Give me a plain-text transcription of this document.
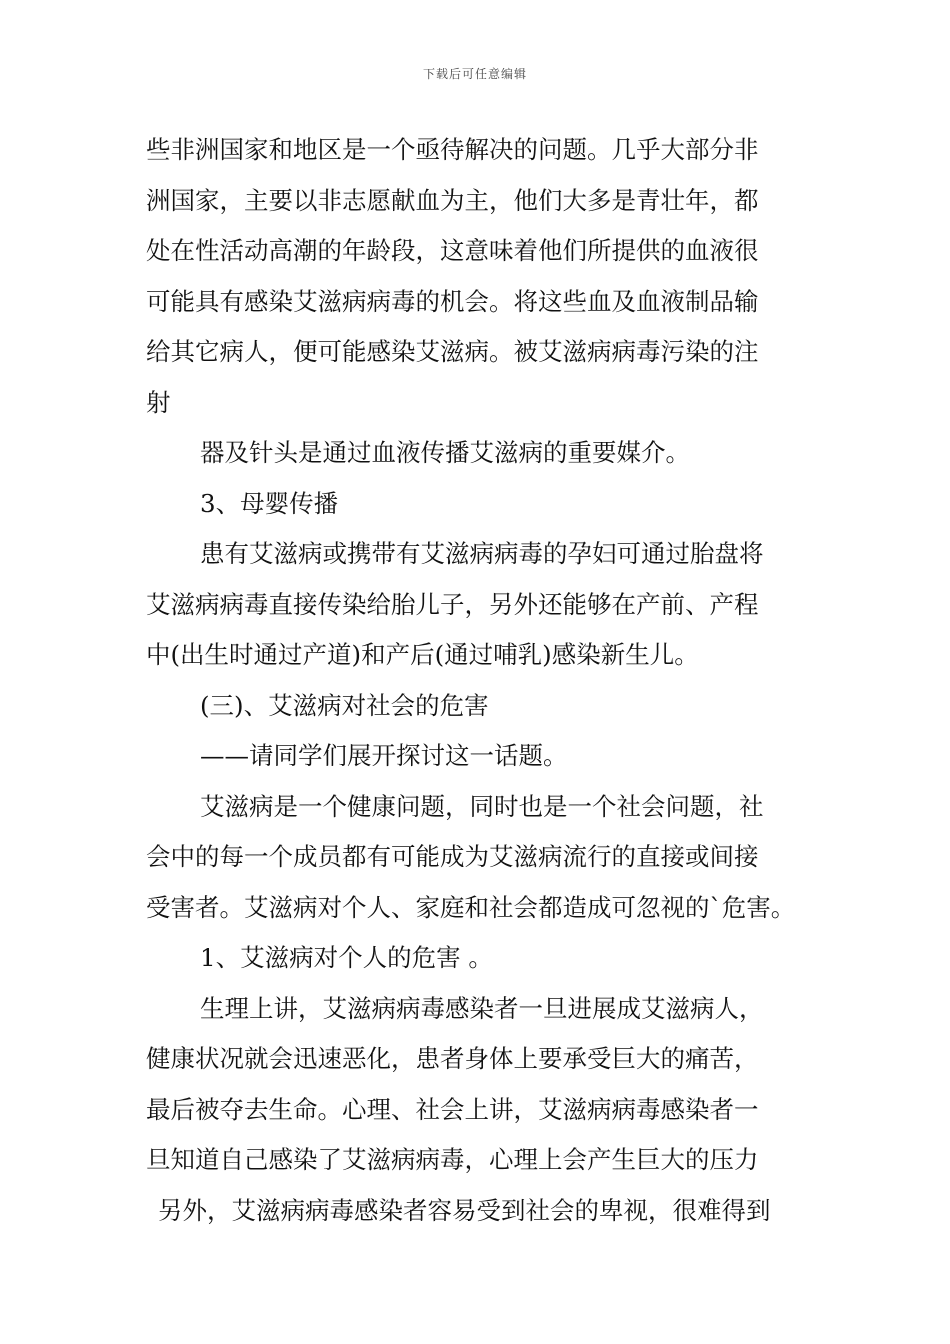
下载后可任意编辑
些非洲国家和地区是一个亟待解决的问题。几乎大部分非
洲国家，主要以非志愿献血为主，他们大多是青壮年，都
处在性活动高潮的年龄段，这意味着他们所提供的血液很
可能具有感染艾滋病病毒的机会。将这些血及血液制品输
给其它病人，便可能感染艾滋病。被艾滋病病毒污染的注
射
器及针头是通过血液传播艾滋病的重要媒介。
3、母婴传播
患有艾滋病或携带有艾滋病病毒的孕妇可通过胎盘将
艾滋病病毒直接传染给胎儿子，另外还能够在产前、产程
中(出生时通过产道)和产后(通过哺乳)感染新生儿。
(三)、艾滋病对社会的危害
——请同学们展开探讨这一话题。
艾滋病是一个健康问题，同时也是一个社会问题，社
会中的每一个成员都有可能成为艾滋病流行的直接或间接
受害者。艾滋病对个人、家庭和社会都造成可忽视的`危害。
1、艾滋病对个人的危害 。
生理上讲，艾滋病病毒感染者一旦进展成艾滋病人，
健康状况就会迅速恶化，患者身体上要承受巨大的痛苦，
最后被夺去生命。心理、社会上讲，艾滋病病毒感染者一
旦知道自己感染了艾滋病病毒，心理上会产生巨大的压力
另外，艾滋病病毒感染者容易受到社会的卑视，很难得到
